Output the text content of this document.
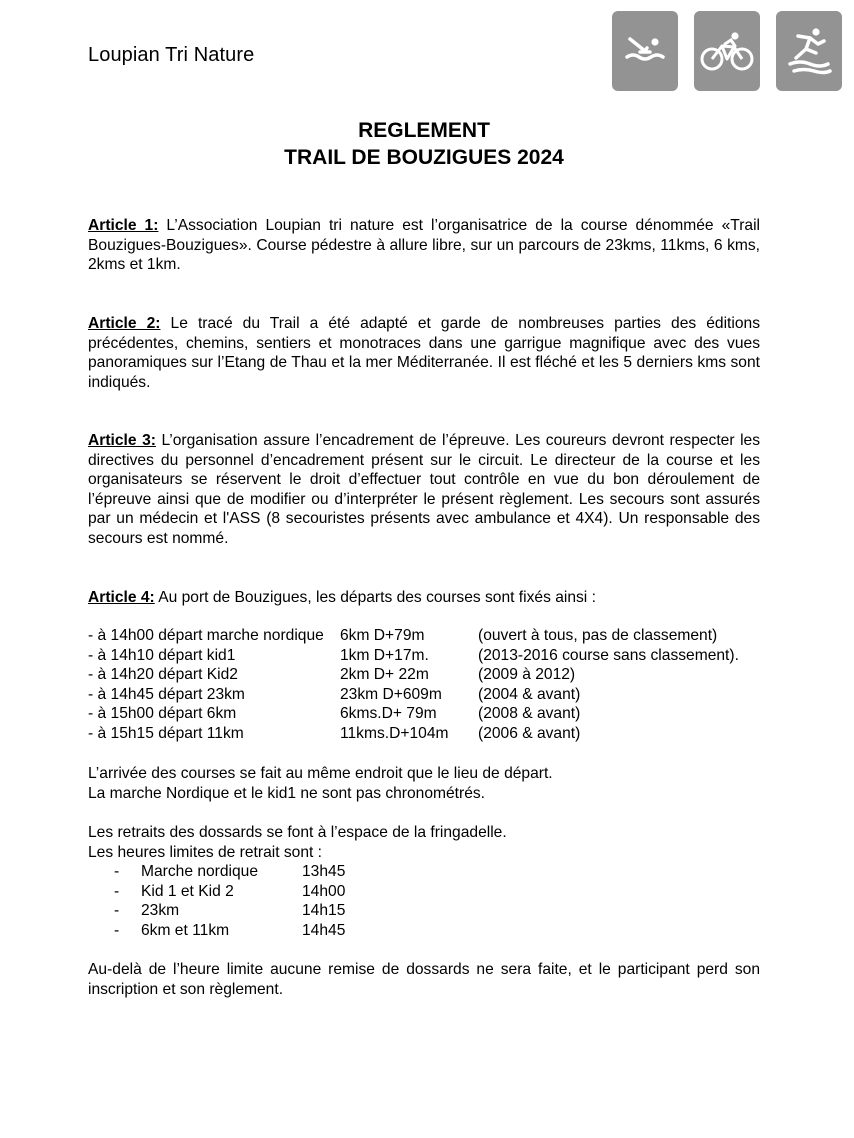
Loupian Tri Nature
REGLEMENT
TRAIL DE BOUZIGUES 2024
Article 1: L’Association Loupian tri nature est l’organisatrice de la course dénommée «Trail Bouzigues-Bouzigues». Course pédestre à allure libre, sur un parcours de 23kms, 11kms, 6 kms, 2kms et 1km.
Article 2: Le tracé du Trail a été adapté et garde de nombreuses parties des éditions précédentes, chemins, sentiers et monotraces dans une garrigue magnifique avec des vues panoramiques sur l’Etang de Thau et la mer Méditerranée. Il est fléché et les 5 derniers kms sont indiqués.
Article 3: L’organisation assure l’encadrement de l’épreuve. Les coureurs devront respecter les directives du personnel d’encadrement présent sur le circuit. Le directeur de la course et les organisateurs se réservent le droit d’effectuer tout contrôle en vue du bon déroulement de l’épreuve ainsi que de modifier ou d’interpréter le présent règlement. Les secours sont assurés par un médecin et l'ASS (8 secouristes présents avec ambulance et 4X4). Un responsable des secours est nommé.
Article 4: Au port de Bouzigues, les départs des courses sont fixés ainsi :
- à 14h00 départ marche nordique	6km D+79m	(ouvert à tous, pas de classement)
- à 14h10 départ kid1	1km D+17m.	(2013-2016 course sans classement).
- à 14h20 départ Kid2	2km D+ 22m	(2009 à 2012)
- à 14h45 départ 23km	23km D+609m	(2004 & avant)
- à 15h00 départ 6km	6kms.D+ 79m	(2008 & avant)
- à 15h15 départ 11km	11kms.D+104m	(2006 & avant)
L’arrivée des courses se fait au même endroit que le lieu de départ.
La marche Nordique et le kid1 ne sont pas chronométrés.
Les retraits des dossards se font à l’espace de la fringadelle.
Les heures limites de retrait sont :
-	Marche nordique	13h45
-	Kid 1 et Kid 2	14h00
-	23km	14h15
-	6km et 11km	14h45
Au-delà de l’heure limite aucune remise de dossards ne sera faite, et le participant perd son inscription et son règlement.
